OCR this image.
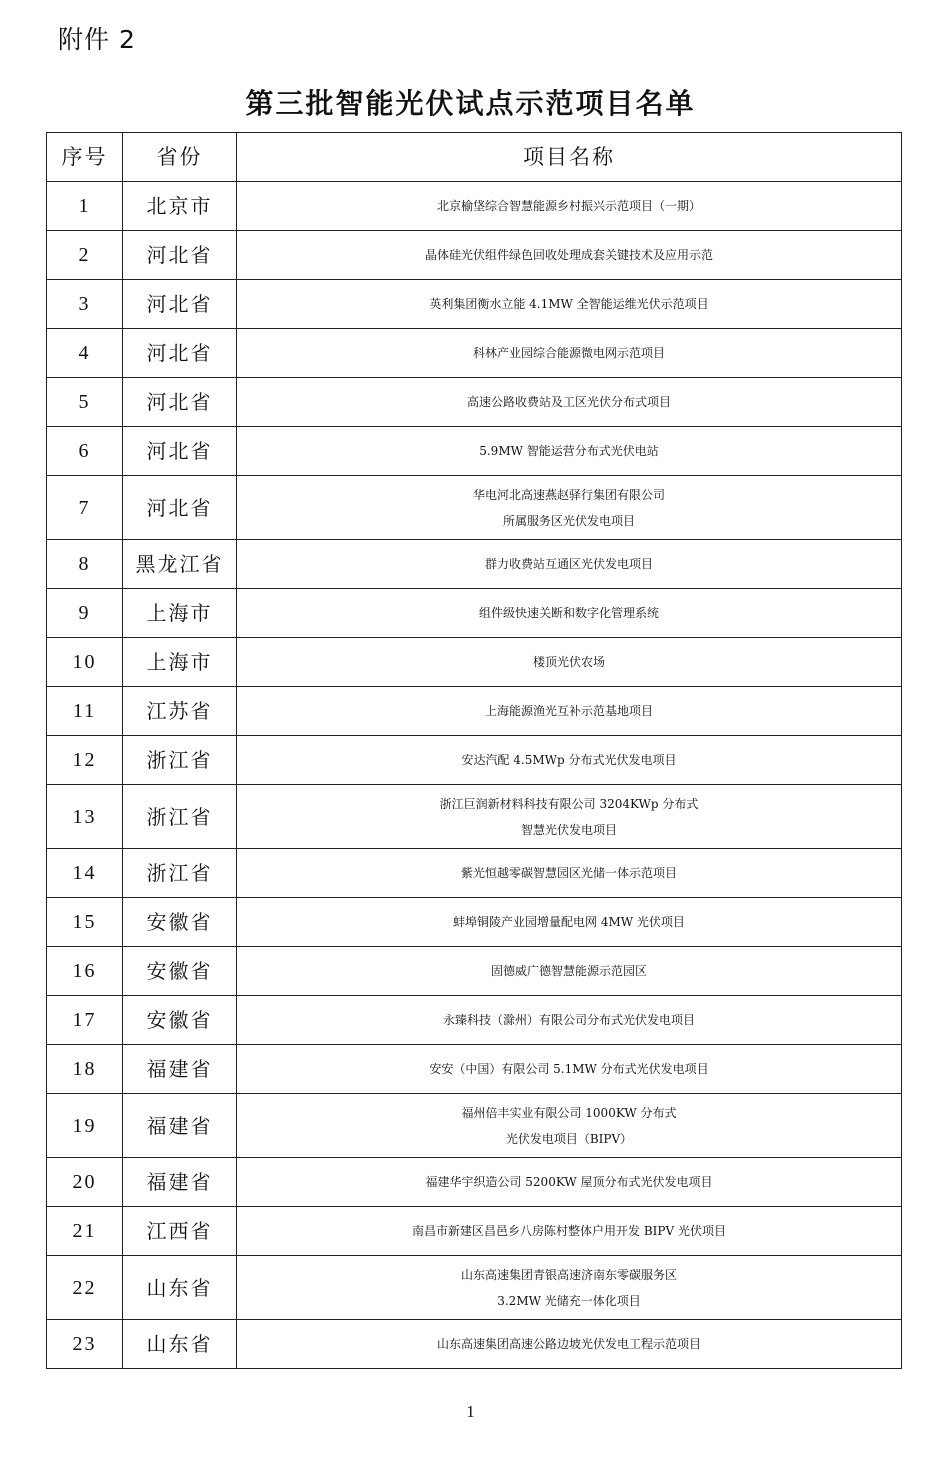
附件 2
第三批智能光伏试点示范项目名单
序号	省份	项目名称
1	北京市	北京榆垡综合智慧能源乡村振兴示范项目（一期）

2	河北省	晶体硅光伏组件绿色回收处理成套关键技术及应用示范

3	河北省	英利集团衡水立能 4.1MW 全智能运维光伏示范项目

4	河北省	科林产业园综合能源微电网示范项目

5	河北省	高速公路收费站及工区光伏分布式项目

6	河北省	5.9MW 智能运营分布式光伏电站

7	河北省	华电河北高速燕赵驿行集团有限公司
所属服务区光伏发电项目

8	黑龙江省	群力收费站互通区光伏发电项目

9	上海市	组件级快速关断和数字化管理系统

10	上海市	楼顶光伏农场

11	江苏省	上海能源渔光互补示范基地项目

12	浙江省	安达汽配 4.5MWp 分布式光伏发电项目

13	浙江省	浙江巨润新材料科技有限公司 3204KWp 分布式
智慧光伏发电项目

14	浙江省	紫光恒越零碳智慧园区光储一体示范项目

15	安徽省	蚌埠铜陵产业园增量配电网 4MW 光伏项目

16	安徽省	固德威广德智慧能源示范园区

17	安徽省	永臻科技（滁州）有限公司分布式光伏发电项目

18	福建省	安安（中国）有限公司 5.1MW 分布式光伏发电项目

19	福建省	福州倍丰实业有限公司 1000KW 分布式
光伏发电项目（BIPV）

20	福建省	福建华宇织造公司 5200KW 屋顶分布式光伏发电项目

21	江西省	南昌市新建区昌邑乡八房陈村整体户用开发 BIPV 光伏项目

22	山东省	山东高速集团青银高速济南东零碳服务区
3.2MW 光储充一体化项目

23	山东省	山东高速集团高速公路边坡光伏发电工程示范项目
1
